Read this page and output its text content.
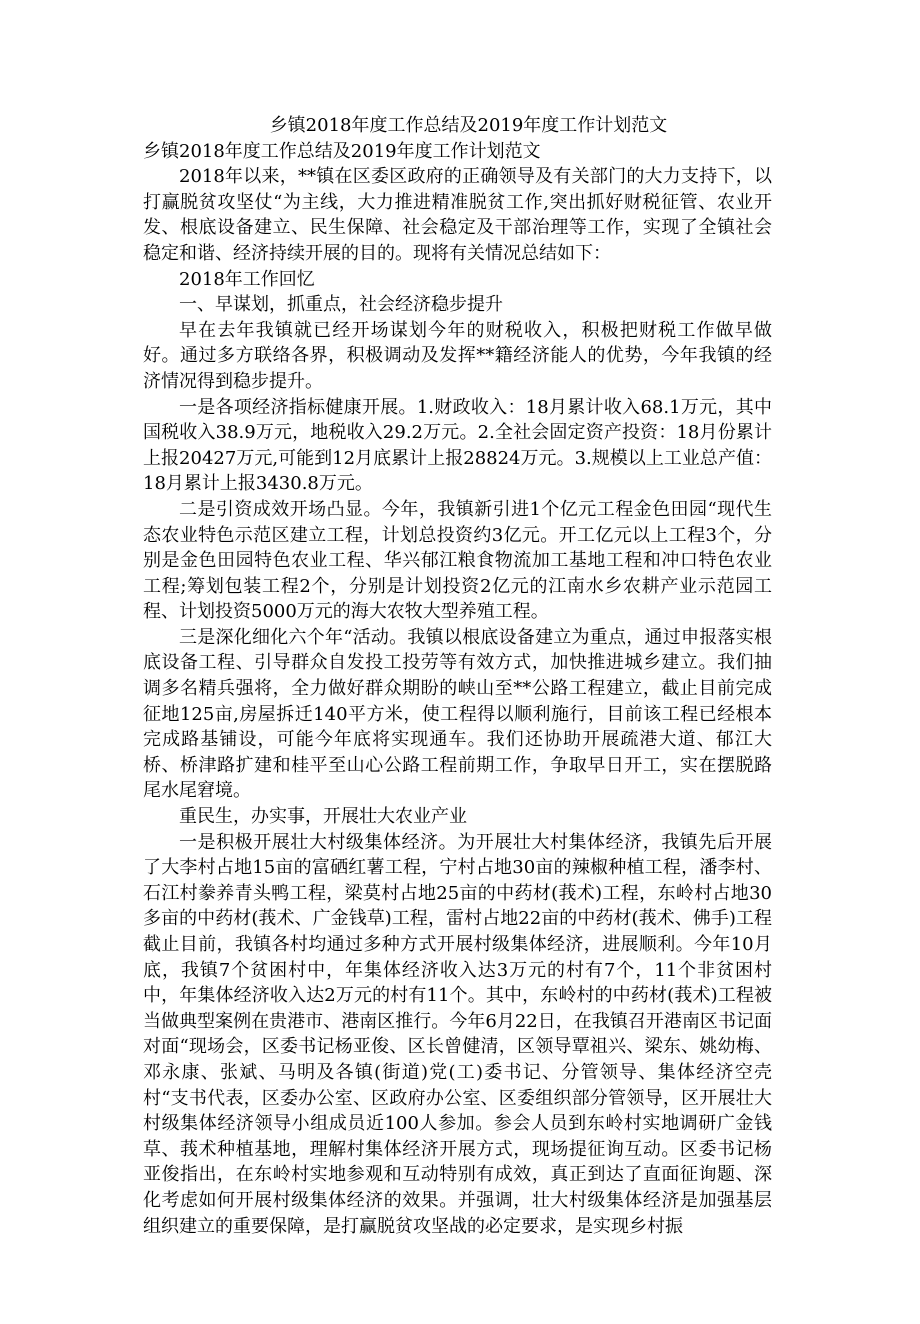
乡镇2018年度工作总结及2019年度工作计划范文

乡镇2018年度工作总结及2019年度工作计划范文

2018年以来，**镇在区委区政府的正确领导及有关部门的大力支持下，以打赢脱贫攻坚仗“为主线，大力推进精准脱贫工作,突出抓好财税征管、农业开发、根底设备建立、民生保障、社会稳定及干部治理等工作，实现了全镇社会稳定和谐、经济持续开展的目的。现将有关情况总结如下：

2018年工作回忆

一、早谋划，抓重点，社会经济稳步提升

早在去年我镇就已经开场谋划今年的财税收入，积极把财税工作做早做好。通过多方联络各界，积极调动及发挥**籍经济能人的优势，今年我镇的经济情况得到稳步提升。

一是各项经济指标健康开展。1.财政收入：18月累计收入68.1万元，其中国税收入38.9万元，地税收入29.2万元。2.全社会固定资产投资：18月份累计上报20427万元,可能到12月底累计上报28824万元。3.规模以上工业总产值：18月累计上报3430.8万元。

二是引资成效开场凸显。今年，我镇新引进1个亿元工程金色田园“现代生态农业特色示范区建立工程，计划总投资约3亿元。开工亿元以上工程3个，分别是金色田园特色农业工程、华兴郁江粮食物流加工基地工程和冲口特色农业工程;筹划包装工程2个，分别是计划投资2亿元的江南水乡农耕产业示范园工程、计划投资5000万元的海大农牧大型养殖工程。

三是深化细化六个年“活动。我镇以根底设备建立为重点，通过申报落实根底设备工程、引导群众自发投工投劳等有效方式，加快推进城乡建立。我们抽调多名精兵强将，全力做好群众期盼的峡山至**公路工程建立，截止目前完成征地125亩,房屋拆迁140平方米，使工程得以顺利施行，目前该工程已经根本完成路基铺设，可能今年底将实现通车。我们还协助开展疏港大道、郁江大桥、桥津路扩建和桂平至山心公路工程前期工作，争取早日开工，实在摆脱路尾水尾窘境。

重民生，办实事，开展壮大农业产业

一是积极开展壮大村级集体经济。为开展壮大村集体经济，我镇先后开展了大李村占地15亩的富硒红薯工程，宁村占地30亩的辣椒种植工程，潘李村、石江村豢养青头鸭工程，梁莫村占地25亩的中药材(莪术)工程，东岭村占地30多亩的中药材(莪术、广金钱草)工程，雷村占地22亩的中药材(莪术、佛手)工程截止目前，我镇各村均通过多种方式开展村级集体经济，进展顺利。今年10月底，我镇7个贫困村中，年集体经济收入达3万元的村有7个，11个非贫困村中，年集体经济收入达2万元的村有11个。其中，东岭村的中药材(莪术)工程被当做典型案例在贵港市、港南区推行。今年6月22日，在我镇召开港南区书记面对面“现场会，区委书记杨亚俊、区长曾健清，区领导覃祖兴、梁东、姚幼梅、邓永康、张斌、马明及各镇(街道)党(工)委书记、分管领导、集体经济空壳村“支书代表，区委办公室、区政府办公室、区委组织部分管领导，区开展壮大村级集体经济领导小组成员近100人参加。参会人员到东岭村实地调研广金钱草、莪术种植基地，理解村集体经济开展方式，现场提征询互动。区委书记杨亚俊指出，在东岭村实地参观和互动特别有成效，真正到达了直面征询题、深化考虑如何开展村级集体经济的效果。并强调，壮大村级集体经济是加强基层组织建立的重要保障，是打赢脱贫攻坚战的必定要求，是实现乡村振
